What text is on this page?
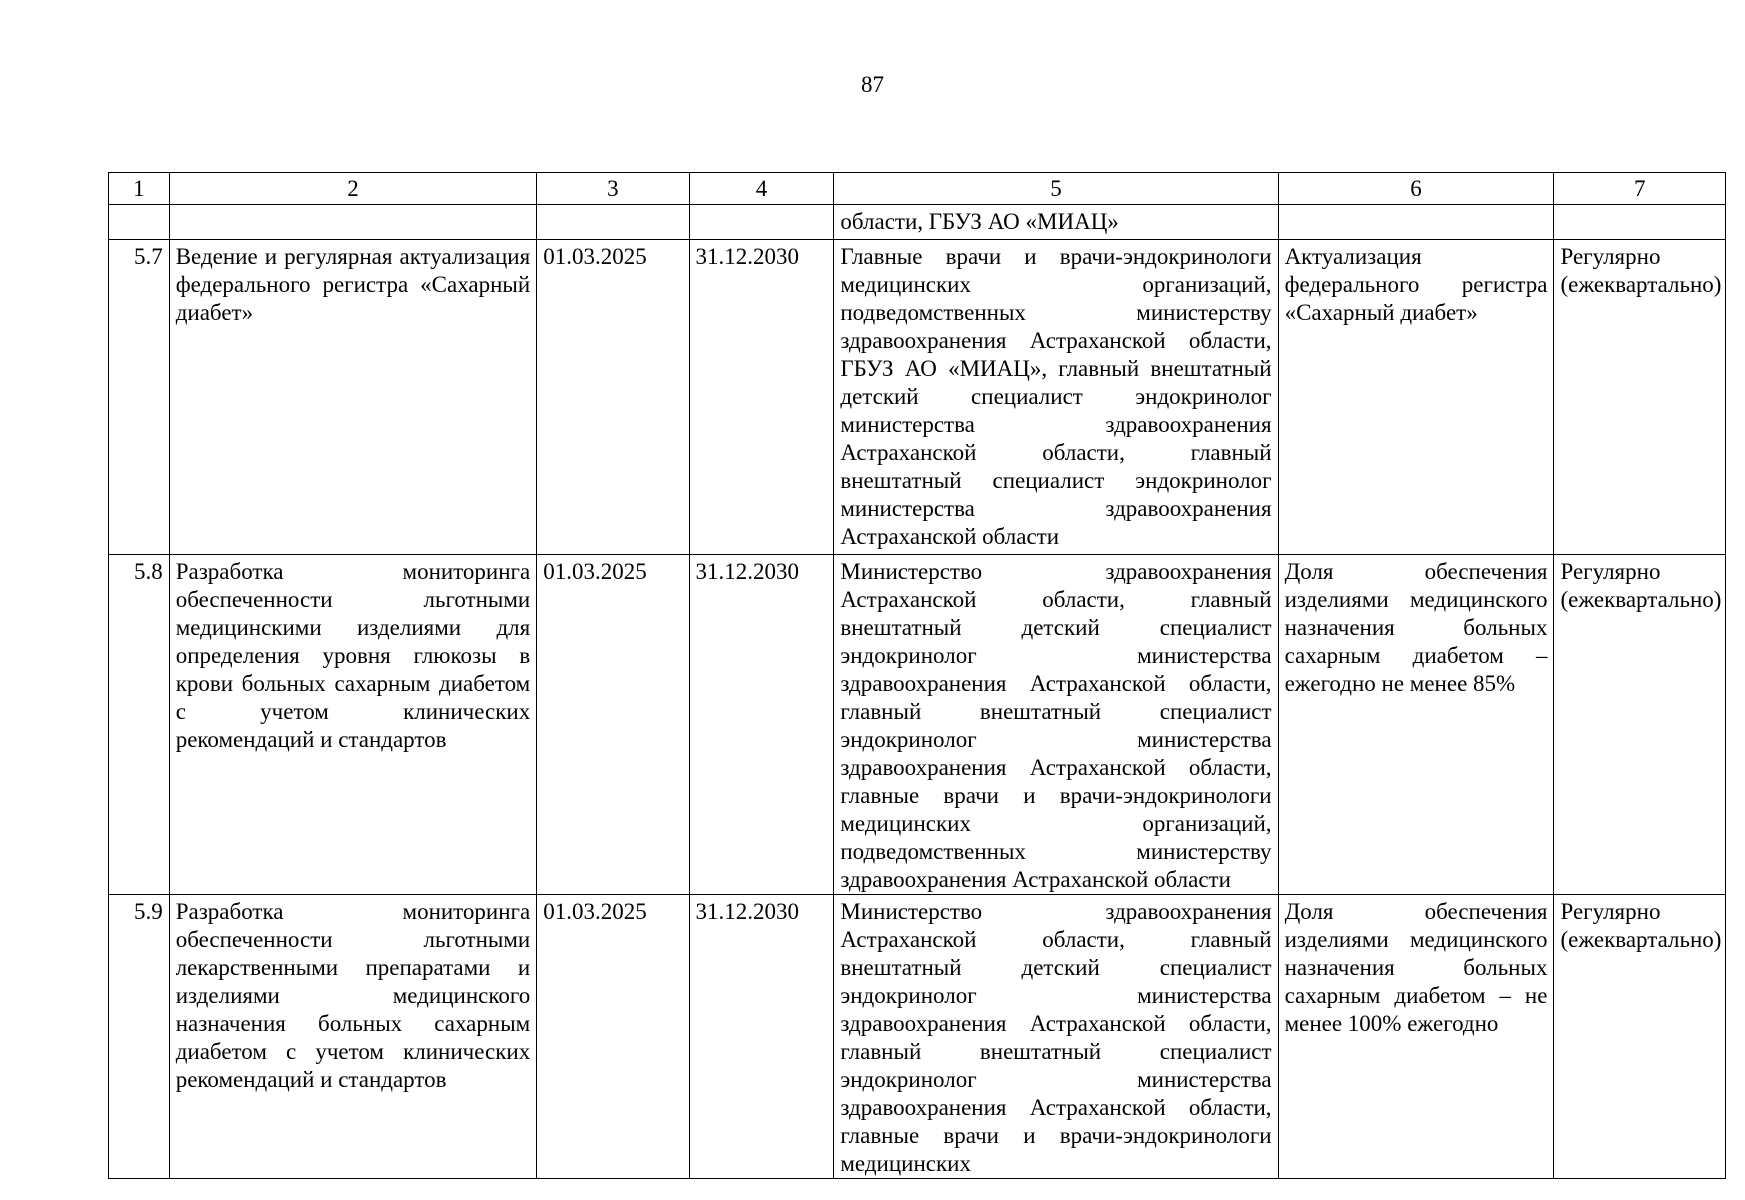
87
1	2	3	4	5	6	7
				области, ГБУЗ АО «МИАЦ»		
5.7	Ведение и регулярная актуализация федерального регистра «Сахарный диабет»	01.03.2025	31.12.2030	Главные врачи и врачи-эндокринологи медицинских организаций, подведомственных министерству здравоохранения Астраханской области, ГБУЗ АО «МИАЦ», главный внештатный детский специалист эндокринолог министерства здравоохранения Астраханской области, главный внештатный специалист эндокринолог министерства здравоохранения Астраханской области	Актуализация федерального регистра «Сахарный диабет»	Регулярно (ежеквартально)
5.8	Разработка мониторинга обеспеченности льготными медицинскими изделиями для определения уровня глюкозы в крови больных сахарным диабетом с учетом клинических рекомендаций и стандартов	01.03.2025	31.12.2030	Министерство здравоохранения Астраханской области, главный внештатный детский специалист эндокринолог министерства здравоохранения Астраханской области, главный внештатный специалист эндокринолог министерства здравоохранения Астраханской области, главные врачи и врачи-эндокринологи медицинских организаций, подведомственных министерству здравоохранения Астраханской области	Доля обеспечения изделиями медицинского назначения больных сахарным диабетом – ежегодно не менее 85%	Регулярно (ежеквартально)
5.9	Разработка мониторинга обеспеченности льготными лекарственными препаратами и изделиями медицинского назначения больных сахарным диабетом с учетом клинических рекомендаций и стандартов	01.03.2025	31.12.2030	Министерство здравоохранения Астраханской области, главный внештатный детский специалист эндокринолог министерства здравоохранения Астраханской области, главный внештатный специалист эндокринолог министерства здравоохранения Астраханской области, главные врачи и врачи-эндокринологи медицинских	Доля обеспечения изделиями медицинского назначения больных сахарным диабетом – не менее 100% ежегодно	Регулярно (ежеквартально)
